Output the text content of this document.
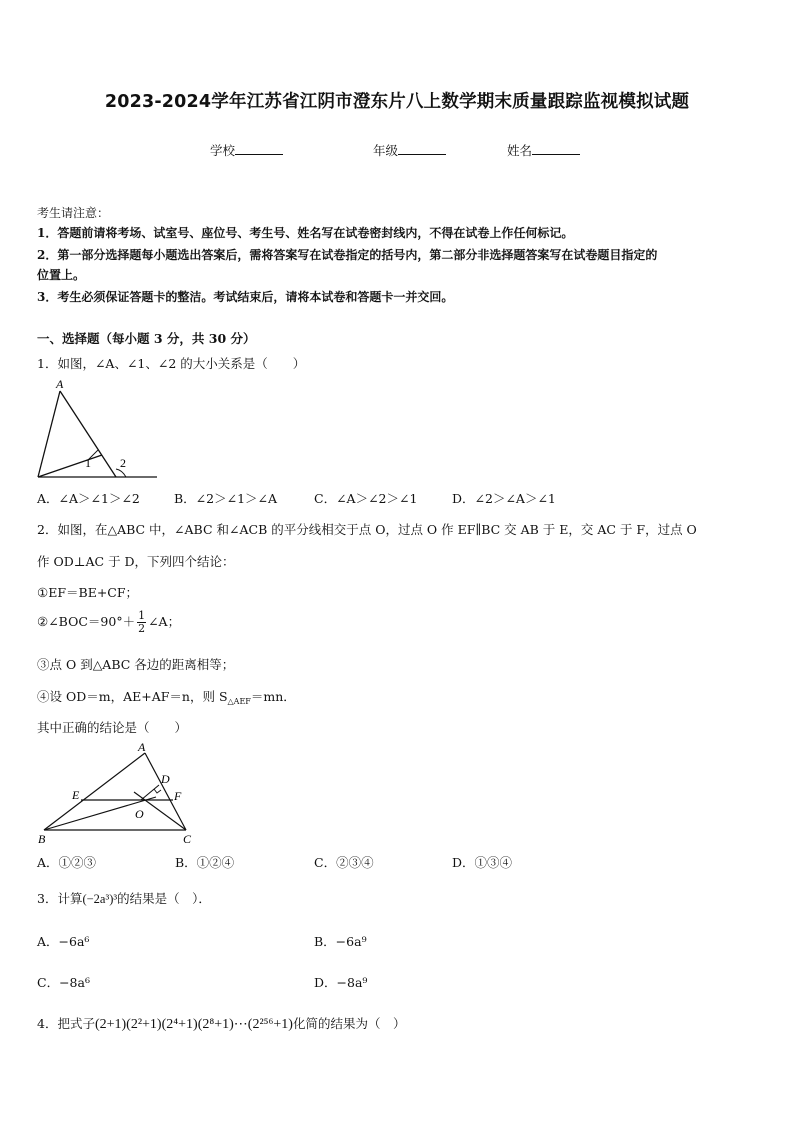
2023-2024学年江苏省江阴市澄东片八上数学期末质量跟踪监视模拟试题
学校	年级	姓名
考生请注意：
1．答题前请将考场、试室号、座位号、考生号、姓名写在试卷密封线内，不得在试卷上作任何标记。
2．第一部分选择题每小题选出答案后，需将答案写在试卷指定的括号内，第二部分非选择题答案写在试卷题目指定的
位置上。
3．考生必须保证答题卡的整洁。考试结束后，请将本试卷和答题卡一并交回。
一、选择题（每小题 3 分，共 30 分）
1．如图，∠A、∠1、∠2 的大小关系是（　　）
A
1 2
A．∠A＞∠1＞∠2	B．∠2＞∠1＞∠A	C．∠A＞∠2＞∠1	D．∠2＞∠A＞∠1
2．如图，在△ABC 中，∠ABC 和∠ACB 的平分线相交于点 O，过点 O 作 EF∥BC 交 AB 于 E，交 AC 于 F，过点 O
作 OD⊥AC 于 D，下列四个结论：
①EF＝BE+CF；
②∠BOC＝90°＋ $\frac{1}{2}$ ∠A；
③点 O 到△ABC 各边的距离相等；
④设 OD＝m，AE+AF＝n，则 $S_{\triangle AEF}=mn$．
其中正确的结论是（　　）
A
D
E	F
O
B	C
A．①②③	B．①②④	C．②③④	D．①③④
3．计算(−2a³)³的结果是（　）．
A．−6a⁶	B．−6a⁹
C．−8a⁶	D．−8a⁹
4．把式子(2+1)(2²+1)(2⁴+1)(2⁸+1)⋯(2²⁵⁶+1)化简的结果为（　）
